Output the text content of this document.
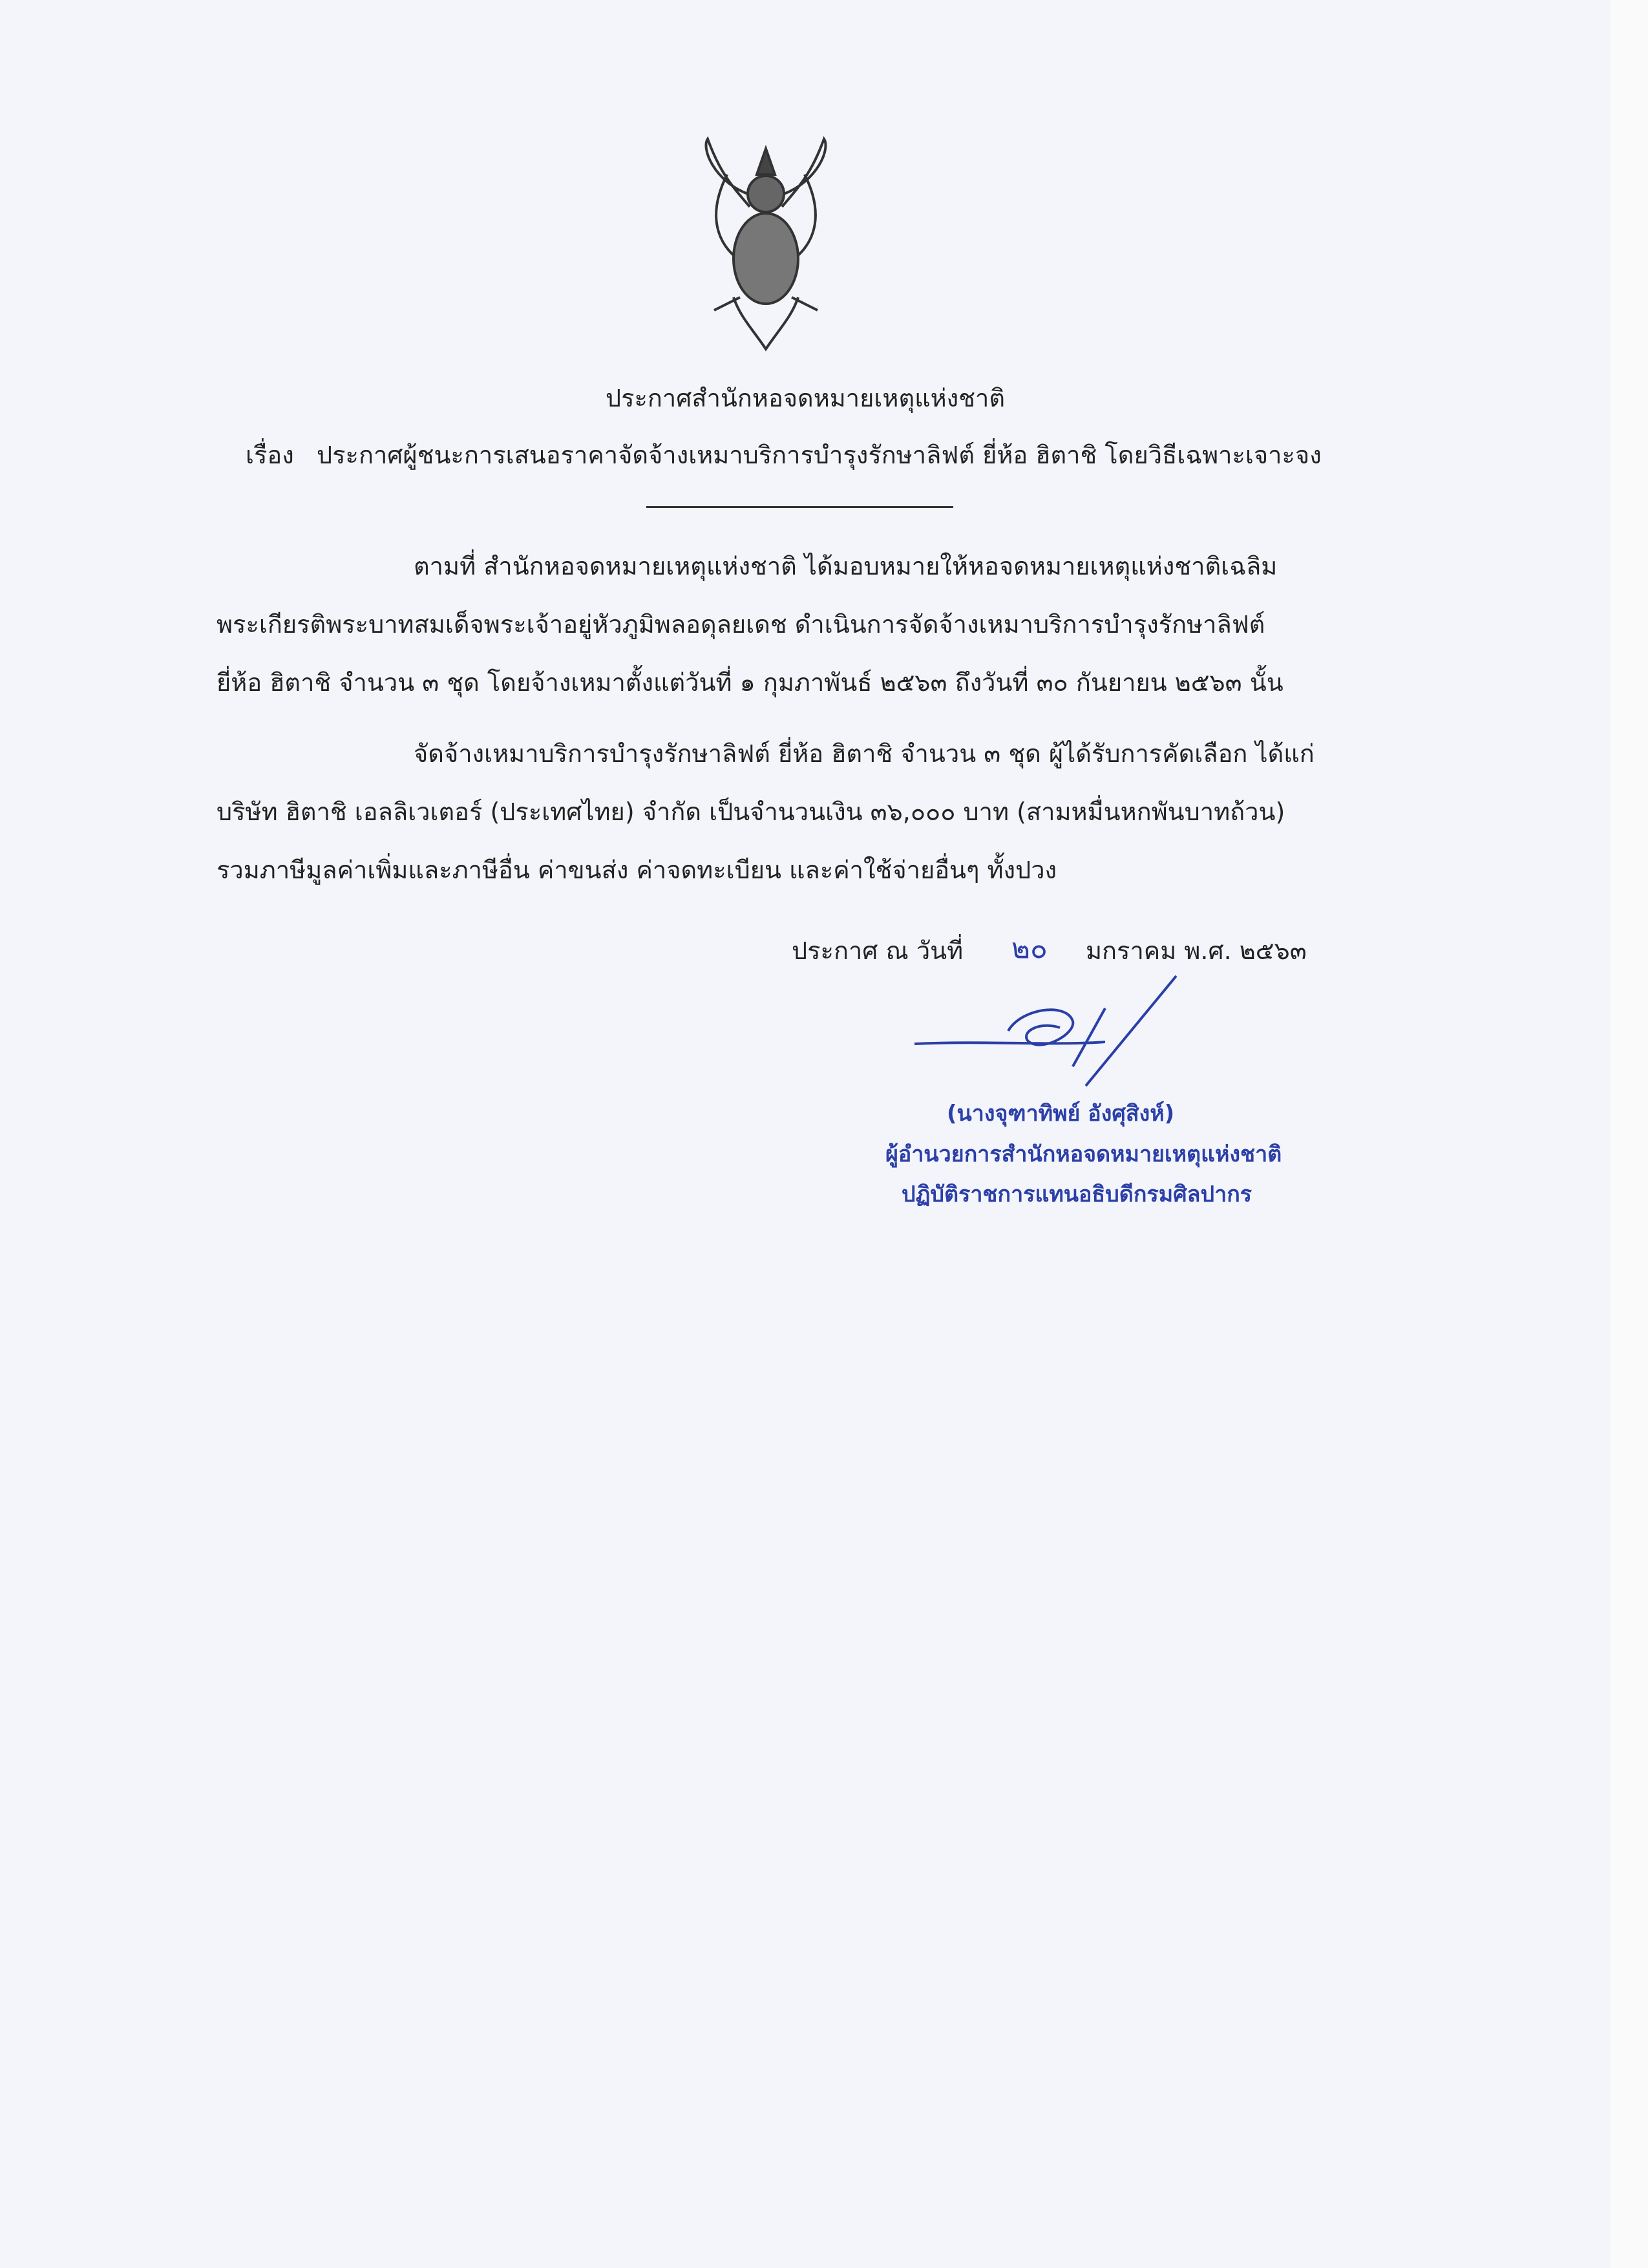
ประกาศสำนักหอจดหมายเหตุแห่งชาติ
เรื่อง ประกาศผู้ชนะการเสนอราคาจัดจ้างเหมาบริการบำรุงรักษาลิฟต์ ยี่ห้อ ฮิตาชิ โดยวิธีเฉพาะเจาะจง
ตามที่ สำนักหอจดหมายเหตุแห่งชาติ ได้มอบหมายให้หอจดหมายเหตุแห่งชาติเฉลิม
พระเกียรติพระบาทสมเด็จพระเจ้าอยู่หัวภูมิพลอดุลยเดช ดำเนินการจัดจ้างเหมาบริการบำรุงรักษาลิฟต์
ยี่ห้อ ฮิตาชิ จำนวน ๓ ชุด โดยจ้างเหมาตั้งแต่วันที่ ๑ กุมภาพันธ์ ๒๕๖๓ ถึงวันที่ ๓๐ กันยายน ๒๕๖๓ นั้น
จัดจ้างเหมาบริการบำรุงรักษาลิฟต์ ยี่ห้อ ฮิตาชิ จำนวน ๓ ชุด ผู้ได้รับการคัดเลือก ได้แก่
บริษัท ฮิตาชิ เอลลิเวเตอร์ (ประเทศไทย) จำกัด เป็นจำนวนเงิน ๓๖,๐๐๐ บาท (สามหมื่นหกพันบาทถ้วน)
รวมภาษีมูลค่าเพิ่มและภาษีอื่น ค่าขนส่ง ค่าจดทะเบียน และค่าใช้จ่ายอื่นๆ ทั้งปวง
ประกาศ ณ วันที่ ๒๐ มกราคม พ.ศ. ๒๕๖๓
(นางจุฑาทิพย์ อังศุสิงห์)
ผู้อำนวยการสำนักหอจดหมายเหตุแห่งชาติ
ปฏิบัติราชการแทนอธิบดีกรมศิลปากร
